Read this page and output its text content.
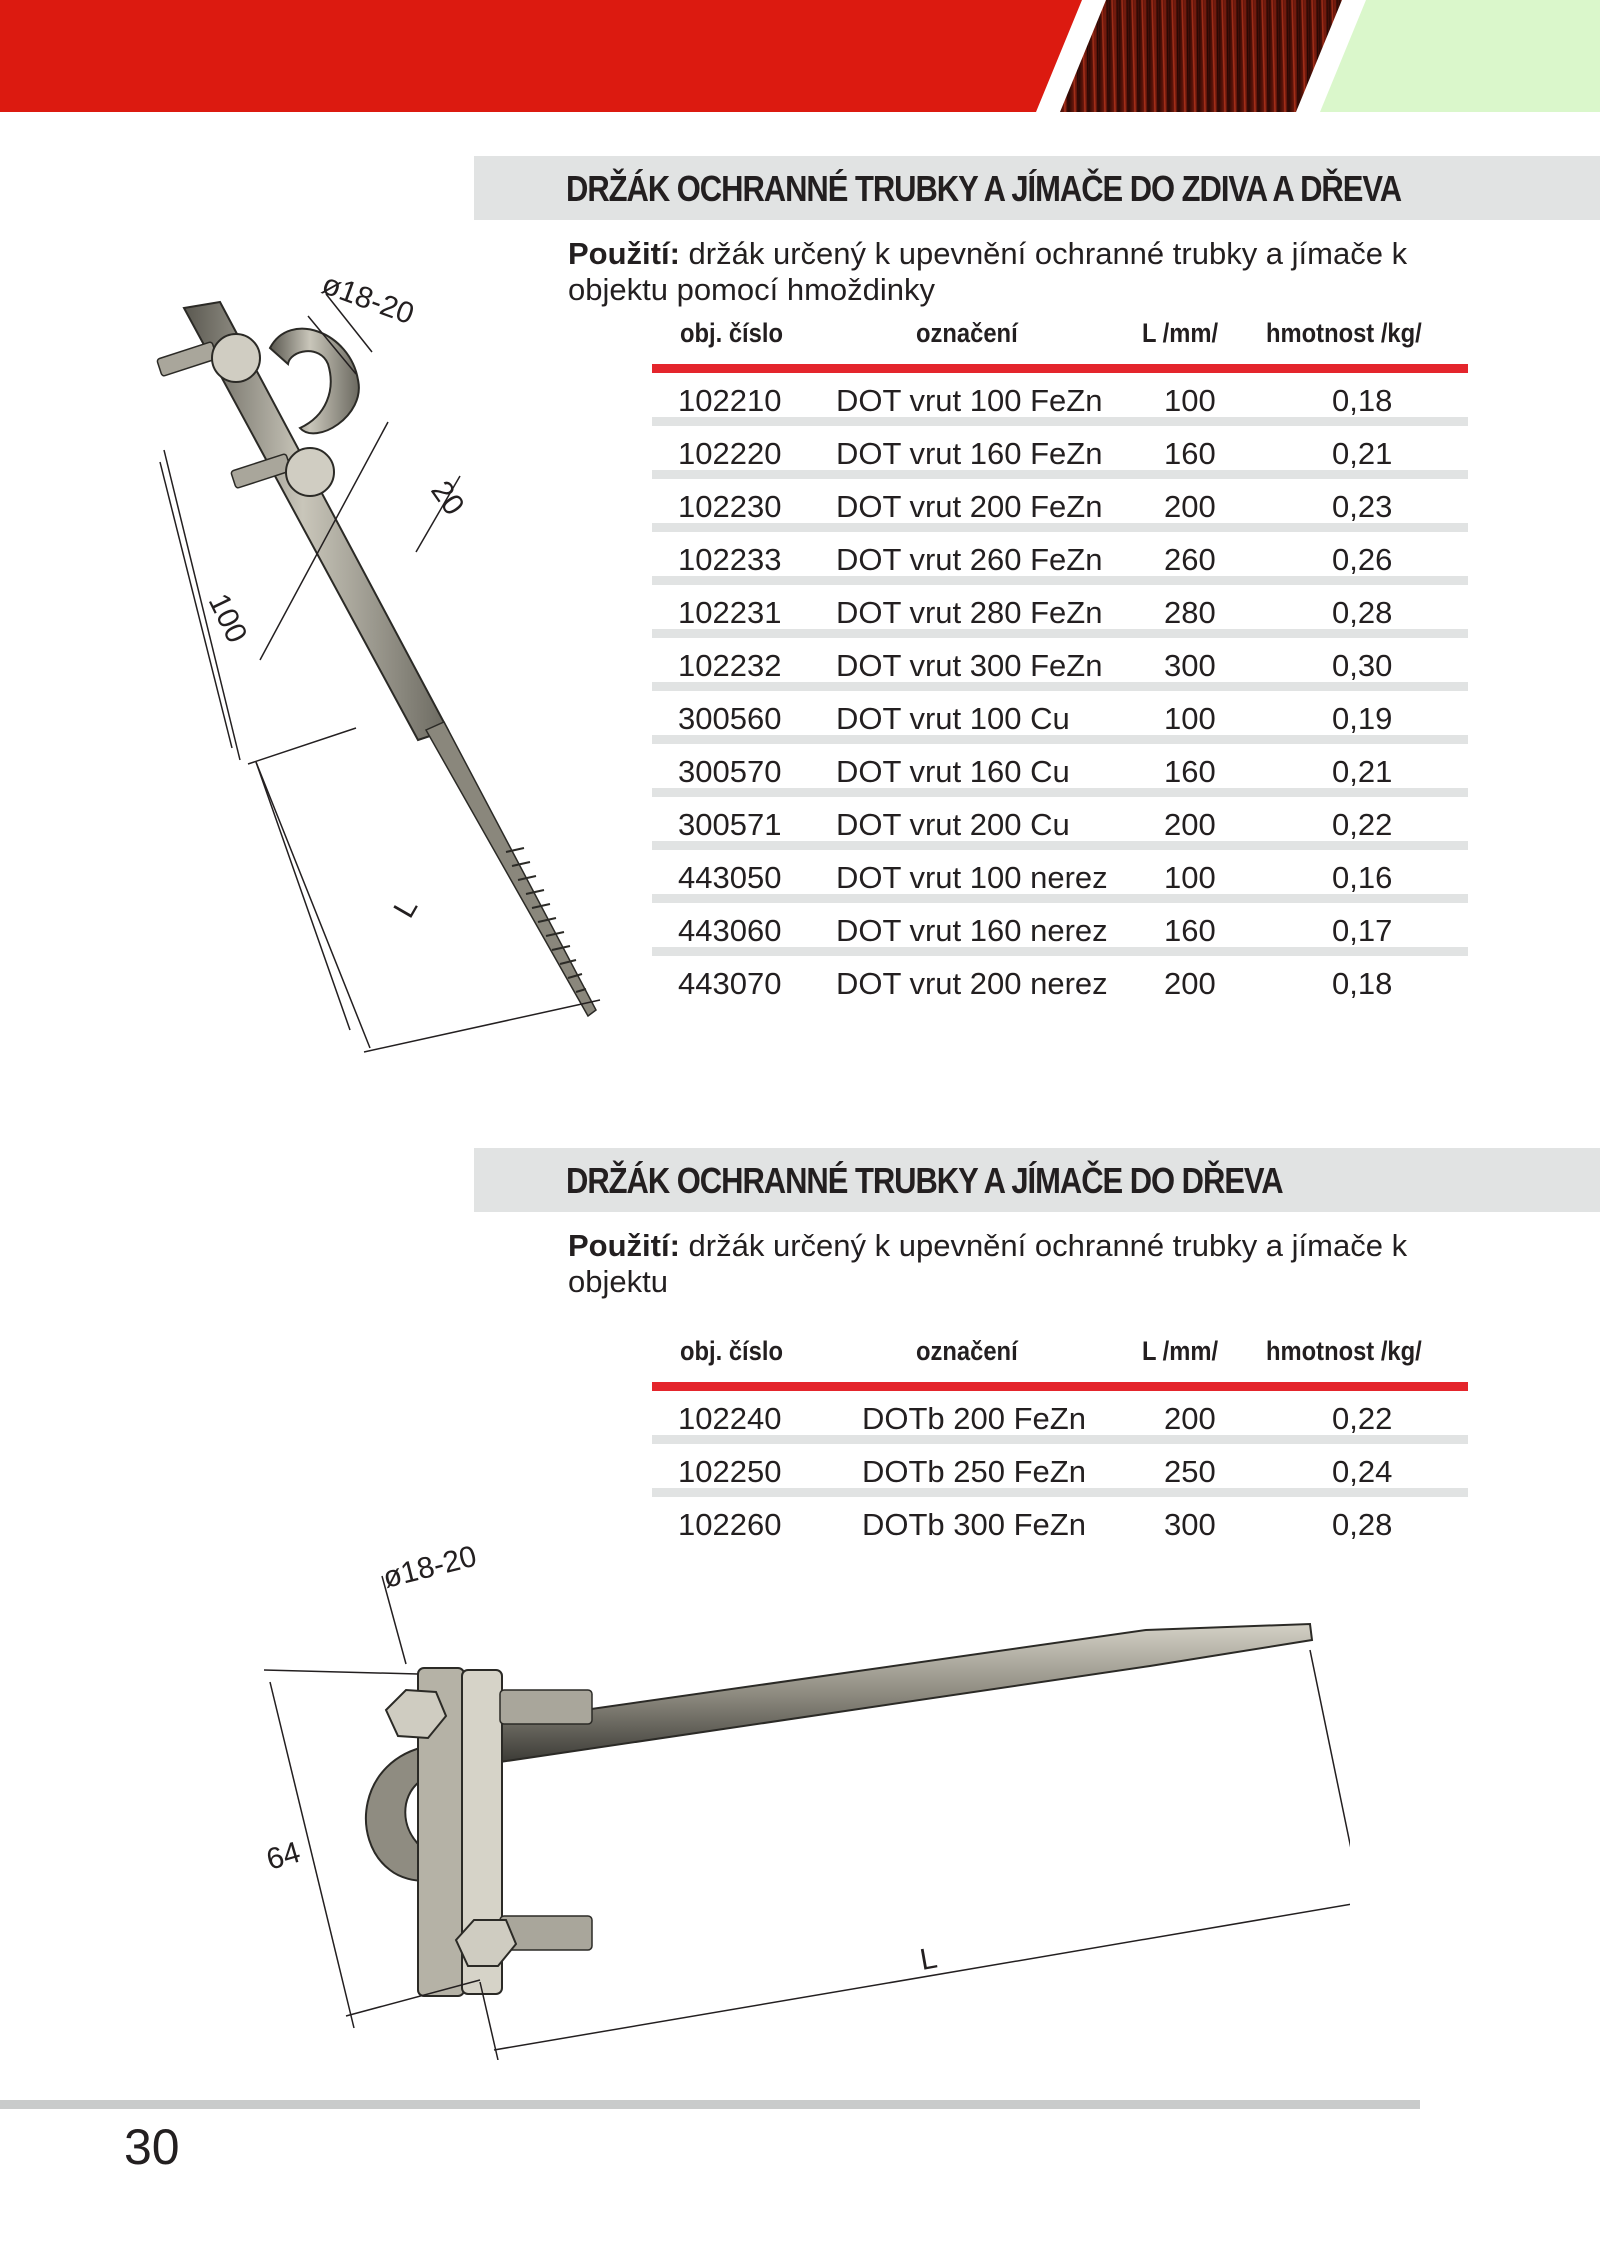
DRŽÁK OCHRANNÉ TRUBKY A JÍMAČE DO ZDIVA A DŘEVA
Použití: držák určený k upevnění ochranné trubky a jímače k objektu pomocí hmoždinky
obj. číslo	označení	L /mm/ hmotnost /kg/
102210 DOT vrut 100 FeZn 100	0,18
102220 DOT vrut 160 FeZn 160	0,21
102230 DOT vrut 200 FeZn 200	0,23
102233 DOT vrut 260 FeZn 260	0,26
102231 DOT vrut 280 FeZn 280	0,28
102232 DOT vrut 300 FeZn 300	0,30
300560 DOT vrut 100 Cu	100	0,19
300570 DOT vrut 160 Cu	160	0,21
300571 DOT vrut 200 Cu	200	0,22
443050 DOT vrut 100 nerez 100	0,16
443060 DOT vrut 160 nerez 160	0,17
443070 DOT vrut 200 nerez 200	0,18
ø18-20
20
100
L
DRŽÁK OCHRANNÉ TRUBKY A JÍMAČE DO DŘEVA
Použití: držák určený k upevnění ochranné trubky a jímače k objektu
obj. číslo	označení	L /mm/ hmotnost /kg/
102240	DOTb 200 FeZn	200	0,22
102250	DOTb 250 FeZn	250	0,24
102260	DOTb 300 FeZn	300	0,28
ø18-20
64
L
30
